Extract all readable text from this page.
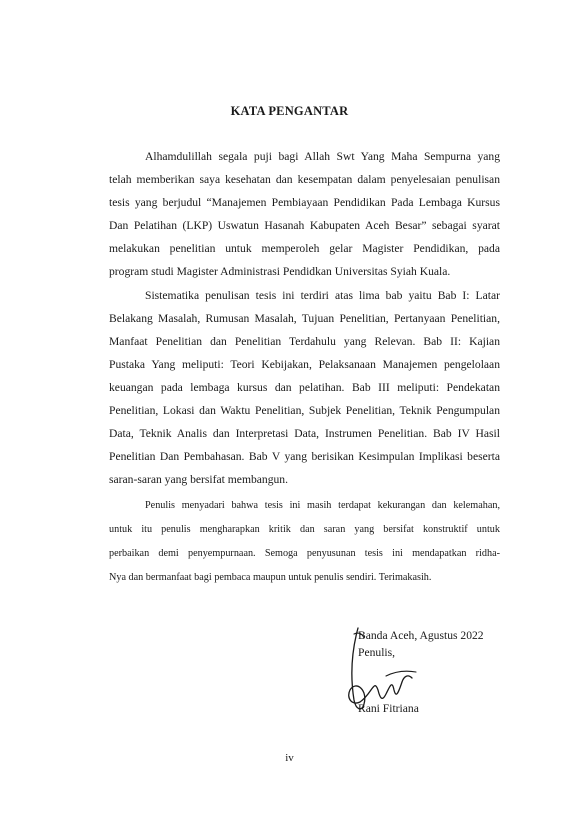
KATA PENGANTAR
Alhamdulillah segala puji bagi Allah Swt Yang Maha Sempurna yang
telah memberikan saya kesehatan dan kesempatan dalam penyelesaian penulisan
tesis yang berjudul “Manajemen Pembiayaan Pendidikan Pada Lembaga Kursus
Dan Pelatihan (LKP) Uswatun Hasanah Kabupaten Aceh Besar” sebagai syarat
melakukan penelitian untuk memperoleh gelar Magister Pendidikan, pada
program studi Magister Administrasi Pendidkan Universitas Syiah Kuala.
Sistematika penulisan tesis ini terdiri atas lima bab yaitu Bab I: Latar
Belakang Masalah, Rumusan Masalah, Tujuan Penelitian, Pertanyaan Penelitian,
Manfaat Penelitian dan Penelitian Terdahulu yang Relevan. Bab II: Kajian
Pustaka Yang meliputi: Teori Kebijakan, Pelaksanaan Manajemen pengelolaan
keuangan pada lembaga kursus dan pelatihan. Bab III meliputi: Pendekatan
Penelitian, Lokasi dan Waktu Penelitian, Subjek Penelitian, Teknik Pengumpulan
Data, Teknik Analis dan Interpretasi Data, Instrumen Penelitian. Bab IV Hasil
Penelitian Dan Pembahasan. Bab V yang berisikan Kesimpulan Implikasi beserta
saran-saran yang bersifat membangun.
Penulis menyadari bahwa tesis ini masih terdapat kekurangan dan kelemahan,
untuk itu penulis mengharapkan kritik dan saran yang bersifat konstruktif untuk
perbaikan demi penyempurnaan. Semoga penyusunan tesis ini mendapatkan ridha-
Nya dan bermanfaat bagi pembaca maupun untuk penulis sendiri. Terimakasih.
Banda Aceh, Agustus 2022
Penulis,
Rani Fitriana
iv
